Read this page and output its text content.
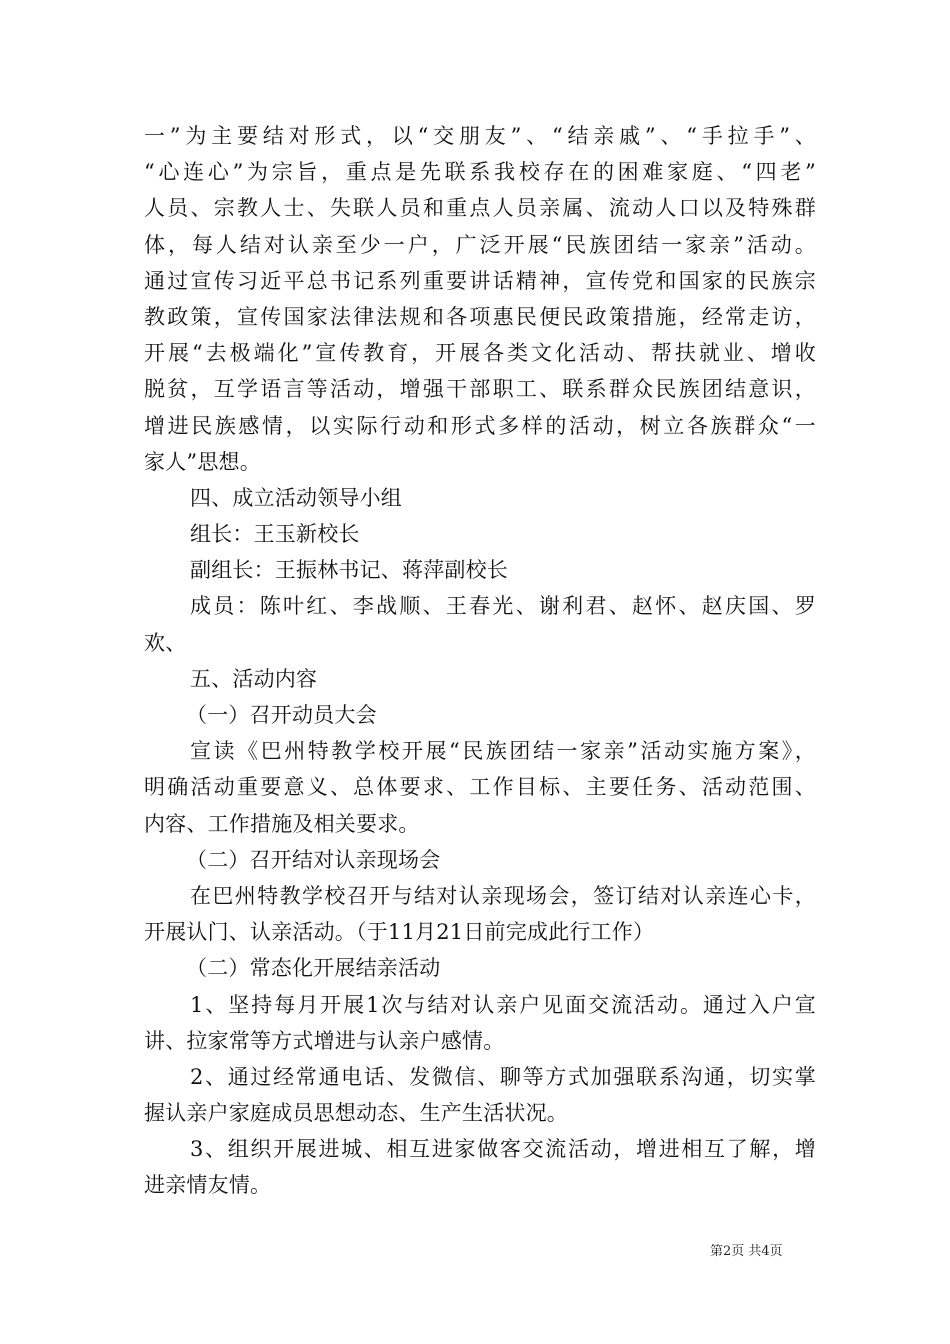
一”为主要结对形式，以“交朋友”、“结亲戚”、“手拉手”、
“心连心”为宗旨，重点是先联系我校存在的困难家庭、“四老”
人员、宗教人士、失联人员和重点人员亲属、流动人口以及特殊群
体，每人结对认亲至少一户，广泛开展“民族团结一家亲”活动。
通过宣传习近平总书记系列重要讲话精神，宣传党和国家的民族宗
教政策，宣传国家法律法规和各项惠民便民政策措施，经常走访，
开展“去极端化”宣传教育，开展各类文化活动、帮扶就业、增收
脱贫，互学语言等活动，增强干部职工、联系群众民族团结意识，
增进民族感情，以实际行动和形式多样的活动，树立各族群众“一
家人”思想。
四、成立活动领导小组
组长：王玉新校长
副组长：王振林书记、蒋萍副校长
成员：陈叶红、李战顺、王春光、谢利君、赵怀、赵庆国、罗
欢、
五、活动内容
（一）召开动员大会
宣读《巴州特教学校开展“民族团结一家亲”活动实施方案》，
明确活动重要意义、总体要求、工作目标、主要任务、活动范围、
内容、工作措施及相关要求。
（二）召开结对认亲现场会
在巴州特教学校召开与结对认亲现场会，签订结对认亲连心卡，
开展认门、认亲活动。（于11月21日前完成此行工作）
（二）常态化开展结亲活动
1、坚持每月开展1次与结对认亲户见面交流活动。通过入户宣
讲、拉家常等方式增进与认亲户感情。
2、通过经常通电话、发微信、聊等方式加强联系沟通，切实掌
握认亲户家庭成员思想动态、生产生活状况。
3、组织开展进城、相互进家做客交流活动，增进相互了解，增
进亲情友情。
第2页 共4页
